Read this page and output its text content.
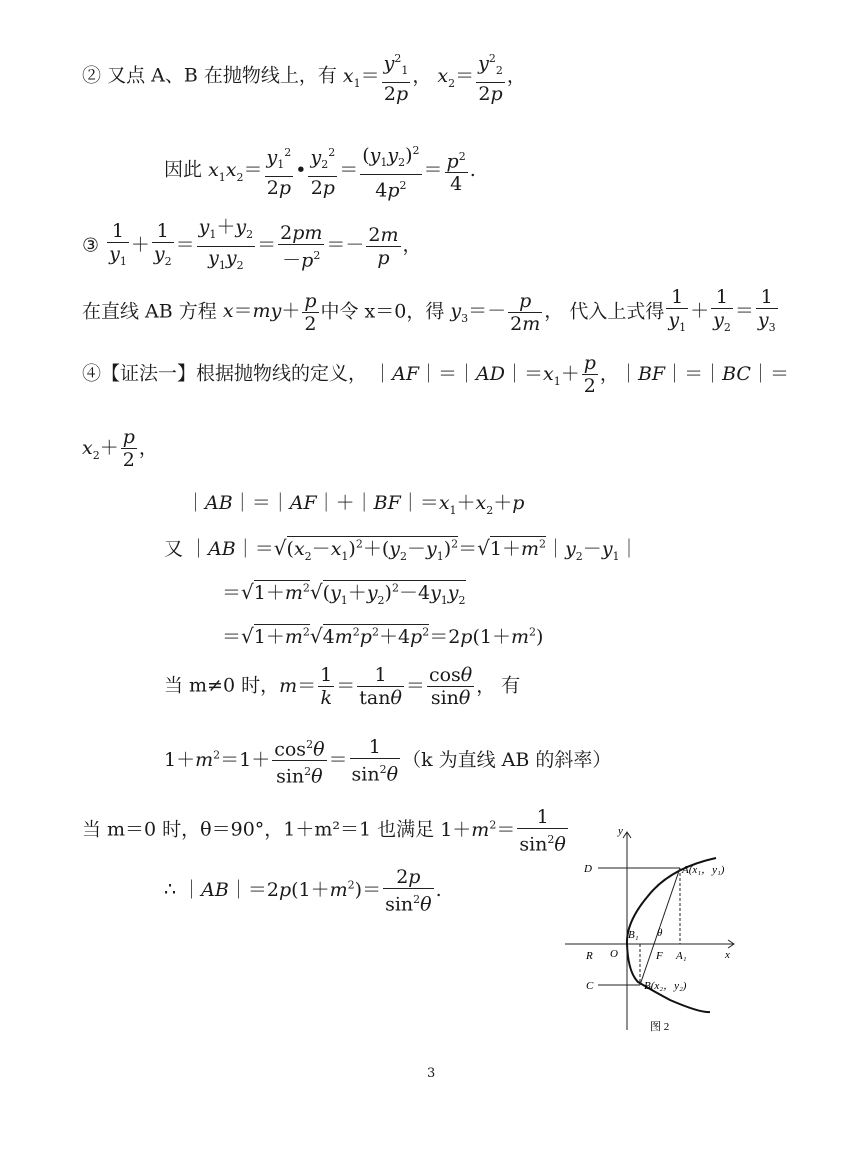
② 又点 A、B 在抛物线上，有 $x_1= \frac{y^2_1}{2p}$ ， $x_2= \frac{y^2_2}{2p}$ ，
因此 $x_1x_2= \frac{y_1^2}{2p}$ • $\frac{y_2^2}{2p} = \frac{(y_1y_2)^2}{4p^2} = \frac{p^2}{4}$ .
③ $\frac{1}{y_1} + \frac{1}{y_2} = \frac{y_1+y_2}{y_1y_2} = \frac{2pm}{-p^2} =- \frac{2m}{p}$ ，
在直线 AB 方程 $x=my+ \frac{p}{2}$ 中令 x＝0，得 $y_3=- \frac{p}{2m}$ ， 代入上式得 $\frac{1}{y_1} + \frac{1}{y_2} = \frac{1}{y_3}$
④【证法一】根据抛物线的定义， $|AF|=|AD|=x_1+ \frac{p}{2}$ ，｜BF｜＝｜BC｜＝
$x_2+ \frac{p}{2}$ ，
$|AB|=|AF|+|BF|=x_1+x_2+p$
又 $|AB|=√(x_2-x_1)^2+(y_2-y_1)^2=√1+m^2|y_2-y_1|$
$=√1+m^2√(y_1+y_2)^2-4y_1y_2$
$=√1+m^2√4m^2p^2+4p^2=2p(1+m^2)$
当 m≠0 时，$m= \frac{1}{k} = \frac{1}{\tan\theta} = \frac{\cos\theta}{\sin\theta}$ ， 有
$1+m^2=1+ \frac{\cos^2\theta}{\sin^2\theta} = \frac{1}{\sin^2\theta} (k$ 为直线 AB 的斜率）
当 m＝0 时，θ＝90°，1＋m²＝1 也满足 $1+m^2= \frac{1}{\sin^2\theta}$
∴ $|AB|=2p(1+m^2)= \frac{2p}{\sin^2\theta}$ .
y
x
D
R O
C
B₁
F A₁
θ
A(x₁，y₁)
B(x₂，y₂)
图 2
3
